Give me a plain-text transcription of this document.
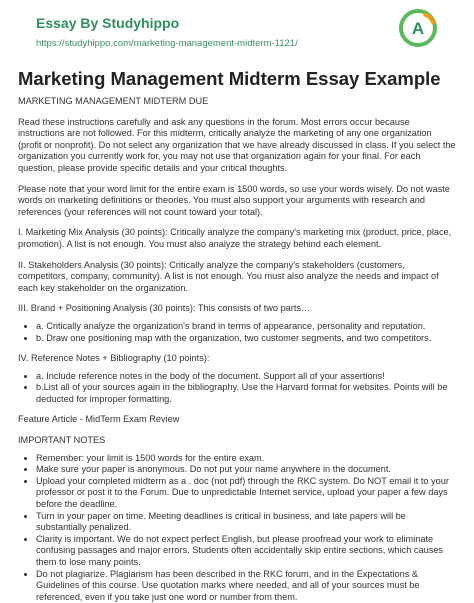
Essay By Studyhippo
https://studyhippo.com/marketing-management-midterm-1121/
A
Marketing Management Midterm Essay Example

MARKETING MANAGEMENT MIDTERM DUE

Read these instructions carefully and ask any questions in the forum. Most errors occur because instructions are not followed. For this midterm, critically analyze the marketing of any one organization (profit or nonprofit). Do not select any organization that we have already discussed in class. If you select the organization you currently work for, you may not use that organization again for your final. For each question, please provide specific details and your critical thoughts.

Please note that your word limit for the entire exam is 1500 words, so use your words wisely. Do not waste words on marketing definitions or theories. You must also support your arguments with research and references (your references will not count toward your total).

I. Marketing Mix Analysis (30 points): Critically analyze the company's marketing mix (product, price, place, promotion). A list is not enough. You must also analyze the strategy behind each element.

II. Stakeholders Analysis (30 points): Critically analyze the company's stakeholders (customers, competitors, company, community). A list is not enough. You must also analyze the needs and impact of each key stakeholder on the organization.

III. Brand + Positioning Analysis (30 points): This consists of two parts…

• a. Critically analyze the organization's brand in terms of appearance, personality and reputation.
• b. Draw one positioning map with the organization, two customer segments, and two competitors.

IV. Reference Notes + Bibliography (10 points):

• a. Include reference notes in the body of the document. Support all of your assertions!
• b.List all of your sources again in the bibliography. Use the Harvard format for websites. Points will be deducted for improper formatting.

Feature Article - MidTerm Exam Review

IMPORTANT NOTES

• Remember: your limit is 1500 words for the entire exam.
• Make sure your paper is anonymous. Do not put your name anywhere in the document.
• Upload your completed midterm as a . doc (not pdf) through the RKC system. Do NOT email it to your professor or post it to the Forum. Due to unpredictable Internet service, upload your paper a few days before the deadline.
• Turn in your paper on time. Meeting deadlines is critical in business, and late papers will be substantially penalized.
• Clarity is important. We do not expect perfect English, but please proofread your work to eliminate confusing passages and major errors. Students often accidentally skip entire sections, which causes them to lose many points.
• Do not plagiarize. Plagiarism has been described in the RKC forum, and in the Expectations & Guidelines of this course. Use quotation marks where needed, and all of your sources must be referenced, even if you take just one word or number from them.
